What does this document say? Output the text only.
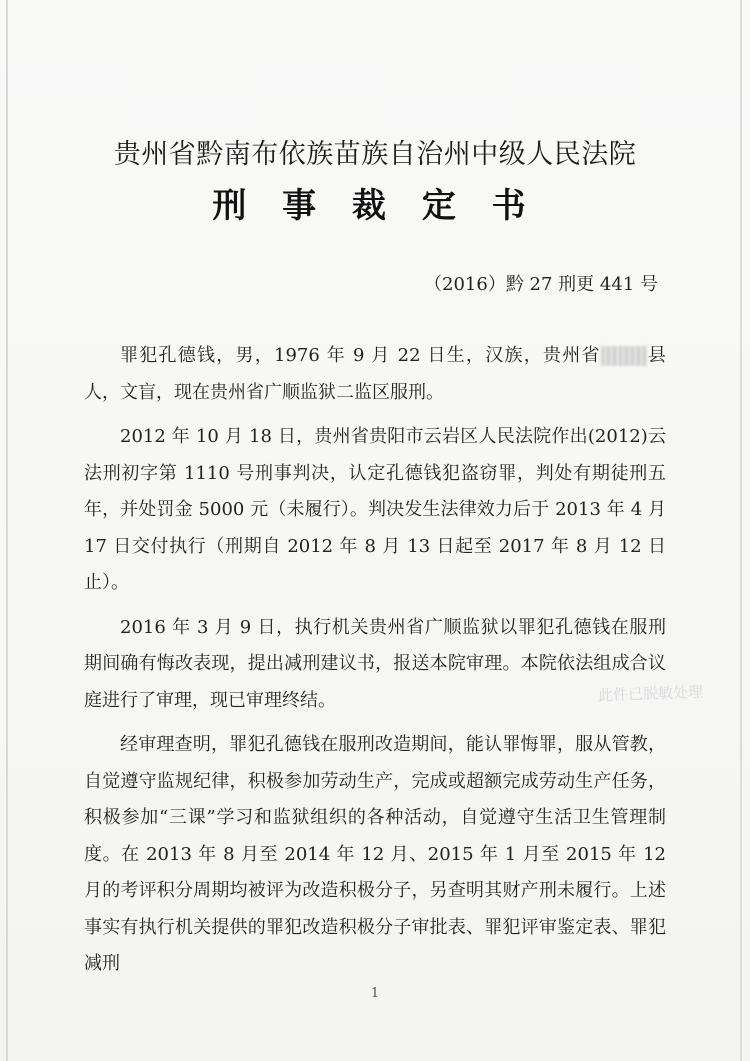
贵州省黔南布依族苗族自治州中级人民法院
刑 事 裁 定 书
（2016）黔 27 刑更 441 号

罪犯孔德钱，男，1976 年 9 月 22 日生，汉族，贵州省	县人，文盲，现在贵州省广顺监狱二监区服刑。

2012 年 10 月 18 日，贵州省贵阳市云岩区人民法院作出(2012)云法刑初字第 1110 号刑事判决，认定孔德钱犯盗窃罪，判处有期徒刑五年，并处罚金 5000 元（未履行）。判决发生法律效力后于 2013 年 4 月 17 日交付执行（刑期自 2012 年 8 月 13 日起至 2017 年 8 月 12 日止）。

2016 年 3 月 9 日，执行机关贵州省广顺监狱以罪犯孔德钱在服刑期间确有悔改表现，提出减刑建议书，报送本院审理。本院依法组成合议庭进行了审理，现已审理终结。

经审理查明，罪犯孔德钱在服刑改造期间，能认罪悔罪，服从管教，自觉遵守监规纪律，积极参加劳动生产，完成或超额完成劳动生产任务，积极参加“三课”学习和监狱组织的各种活动，自觉遵守生活卫生管理制度。在 2013 年 8 月至 2014 年 12 月、2015 年 1 月至 2015 年 12 月的考评积分周期均被评为改造积极分子，另查明其财产刑未履行。上述事实有执行机关提供的罪犯改造积极分子审批表、罪犯评审鉴定表、罪犯减刑

此件已脱敏处理
1
